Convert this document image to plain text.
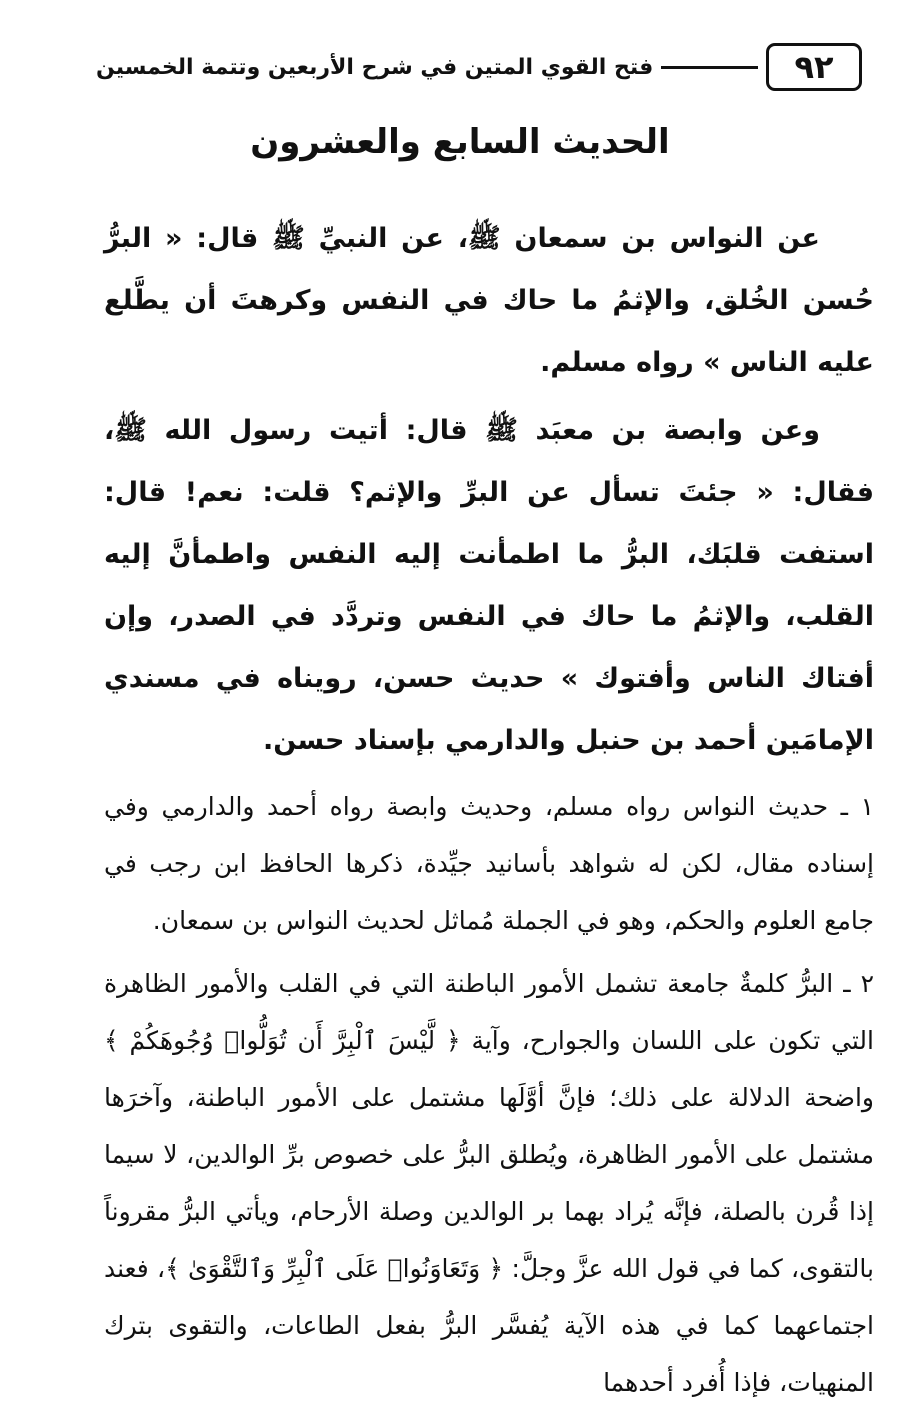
٩٢
فتح القوي المتين في شرح الأربعين وتتمة الخمسين
الحديث السابع والعشرون

عن النواس بن سمعان ﷺ، عن النبيِّ ﷺ قال: « البرُّ حُسن الخُلق، والإثمُ ما حاك في النفس وكرهتَ أن يطَّلع عليه الناس » رواه مسلم.

وعن وابصة بن معبَد ﷺ قال: أتيت رسول الله ﷺ، فقال: « جئتَ تسأل عن البرِّ والإثم؟ قلت: نعم! قال: استفت قلبَك، البرُّ ما اطمأنت إليه النفس واطمأنَّ إليه القلب، والإثمُ ما حاك في النفس وتردَّد في الصدر، وإن أفتاك الناس وأفتوك » حديث حسن، رويناه في مسندي الإمامَين أحمد بن حنبل والدارمي بإسناد حسن.

١ ـ حديث النواس رواه مسلم، وحديث وابصة رواه أحمد والدارمي وفي إسناده مقال، لكن له شواهد بأسانيد جيِّدة، ذكرها الحافظ ابن رجب في جامع العلوم والحكم، وهو في الجملة مُماثل لحديث النواس بن سمعان.

٢ ـ البرُّ كلمةٌ جامعة تشمل الأمور الباطنة التي في القلب والأمور الظاهرة التي تكون على اللسان والجوارح، وآية ﴿ لَّيْسَ ٱلْبِرَّ أَن تُوَلُّوا۟ وُجُوهَكُمْ ﴾ واضحة الدلالة على ذلك؛ فإنَّ أوَّلَها مشتمل على الأمور الباطنة، وآخرَها مشتمل على الأمور الظاهرة، ويُطلق البرُّ على خصوص برِّ الوالدين، لا سيما إذا قُرن بالصلة، فإنَّه يُراد بهما بر الوالدين وصلة الأرحام، ويأتي البرُّ مقروناً بالتقوى، كما في قول الله عزَّ وجلَّ: ﴿ وَتَعَاوَنُوا۟ عَلَى ٱلْبِرِّ وَٱلتَّقْوَىٰ ﴾، فعند اجتماعهما كما في هذه الآية يُفسَّر البرُّ بفعل الطاعات، والتقوى بترك المنهيات، فإذا أُفرد أحدهما
